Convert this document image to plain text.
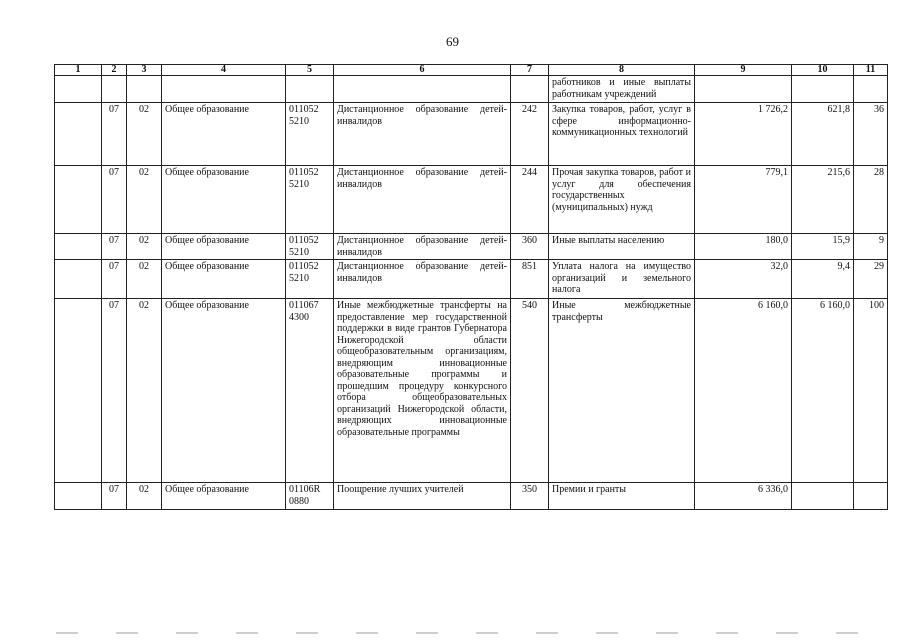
69
1	2	3	4	5	6	7	8	9	10	11
							работников и иные выплаты работникам учреждений			
	07	02	Общее образование	011052 5210	Дистанционное образование детей-инвалидов	242	Закупка товаров, работ, услуг в сфере информационно-коммуникационных технологий	1 726,2	621,8	36
	07	02	Общее образование	011052 5210	Дистанционное образование детей-инвалидов	244	Прочая закупка товаров, работ и услуг для обеспечения государственных (муниципальных) нужд	779,1	215,6	28
	07	02	Общее образование	011052 5210	Дистанционное образование детей-инвалидов	360	Иные выплаты населению	180,0	15,9	9
	07	02	Общее образование	011052 5210	Дистанционное образование детей-инвалидов	851	Уплата налога на имущество организаций и земельного налога	32,0	9,4	29
	07	02	Общее образование	011067 4300	Иные межбюджетные трансферты на предоставление мер государственной поддержки в виде грантов Губернатора Нижегородской области общеобразовательным организациям, внедряющим инновационные образовательные программы и прошедшим процедуру конкурсного отбора общеобразовательных организаций Нижегородской области, внедряющих инновационные образовательные программы	540	Иные межбюджетные трансферты	6 160,0	6 160,0	100
	07	02	Общее образование	01106R 0880	Поощрение лучших учителей	350	Премии и гранты	6 336,0		
